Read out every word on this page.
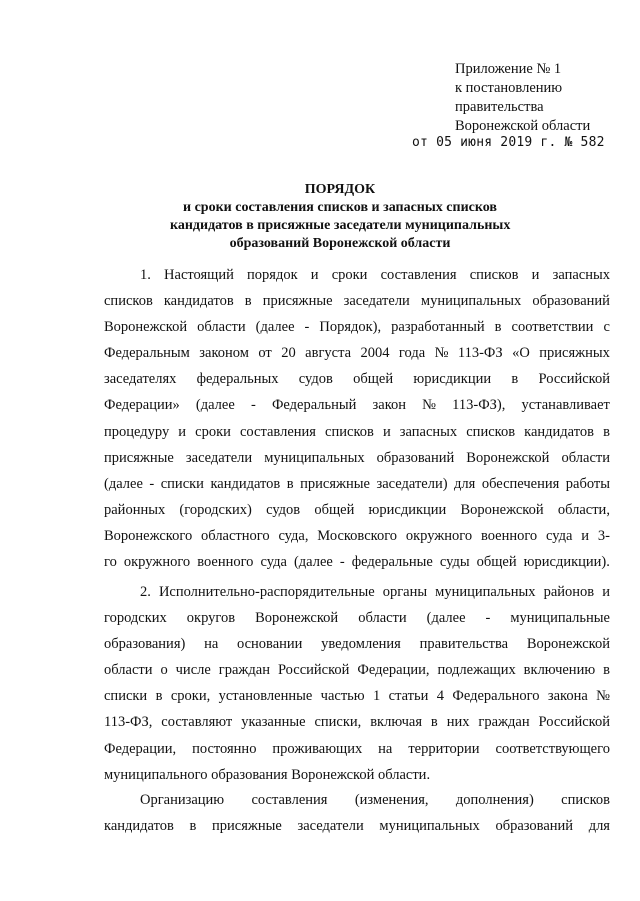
Приложение № 1
к постановлению
правительства
Воронежской области
от 05 июня 2019 г. № 582
ПОРЯДОК
и сроки составления списков и запасных списков
кандидатов в присяжные заседатели муниципальных
образований Воронежской области
1. Настоящий порядок и сроки составления списков и запасных
списков кандидатов в присяжные заседатели муниципальных образований
Воронежской области (далее - Порядок), разработанный в соответствии с
Федеральным законом от 20 августа 2004 года № 113-ФЗ «О присяжных
заседателях федеральных судов общей юрисдикции в Российской
Федерации» (далее - Федеральный закон № 113-ФЗ), устанавливает
процедуру и сроки составления списков и запасных списков кандидатов в
присяжные заседатели муниципальных образований Воронежской области
(далее - списки кандидатов в присяжные заседатели) для обеспечения работы
районных (городских) судов общей юрисдикции Воронежской области,
Воронежского областного суда, Московского окружного военного суда и 3-
го окружного военного суда (далее - федеральные суды общей юрисдикции).
2. Исполнительно-распорядительные органы муниципальных районов и
городских округов Воронежской области (далее - муниципальные
образования) на основании уведомления правительства Воронежской
области о числе граждан Российской Федерации, подлежащих включению в
списки в сроки, установленные частью 1 статьи 4 Федерального закона №
113-ФЗ, составляют указанные списки, включая в них граждан Российской
Федерации, постоянно проживающих на территории соответствующего
муниципального образования Воронежской области.
Организацию составления (изменения, дополнения) списков
кандидатов в присяжные заседатели муниципальных образований для
